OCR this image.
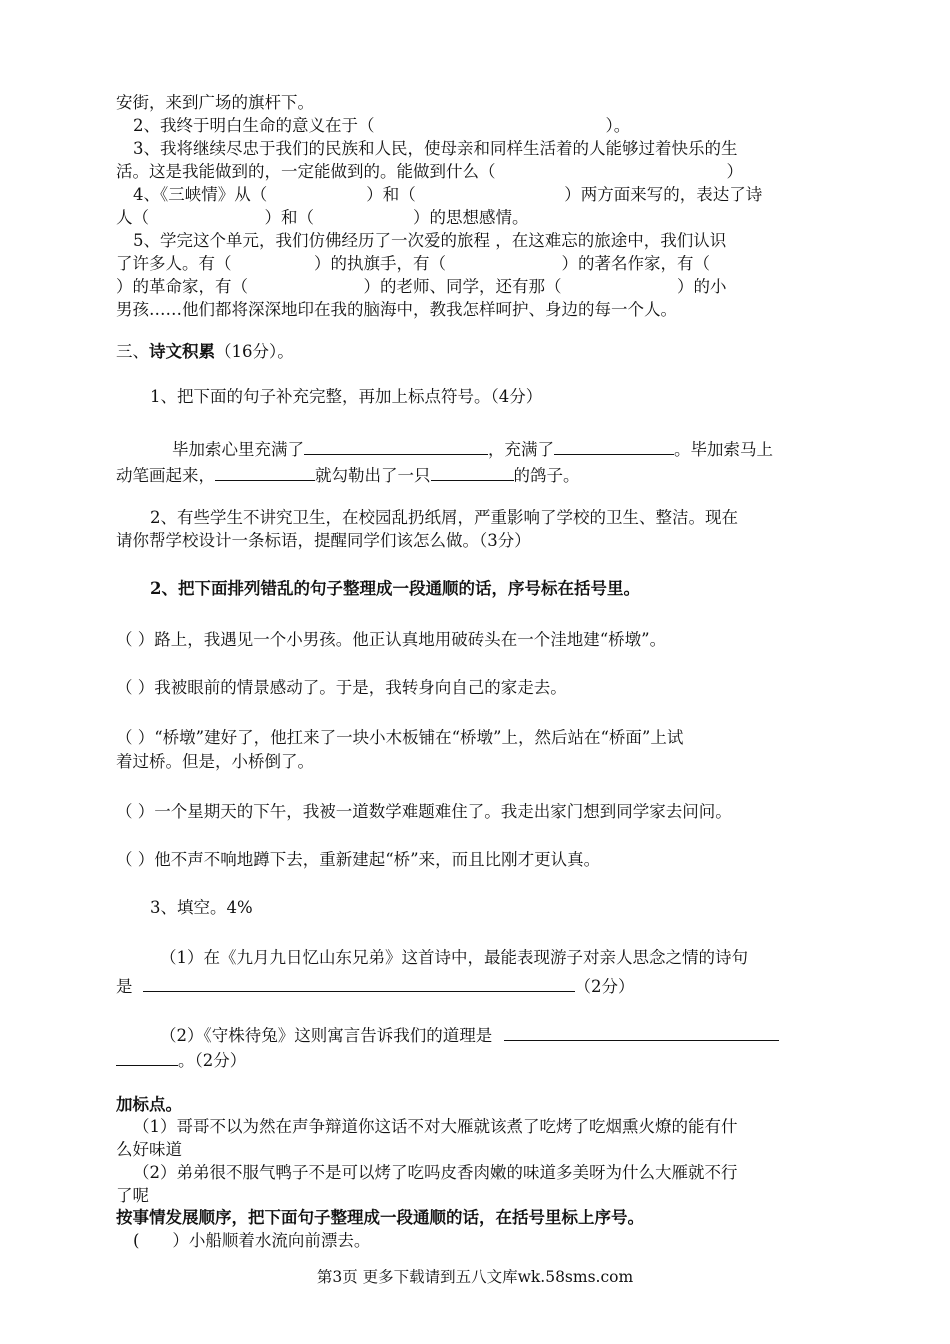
安街，来到广场的旗杆下。
2、我终于明白生命的意义在于（　　　　　　　　　　　　　　）。
3、我将继续尽忠于我们的民族和人民，使母亲和同样生活着的人能够过着快乐的生
活。这是我能做到的，一定能做到的。能做到什么（　　　　　　　　　　　　　　）
4、《三峡情》从（　　　　　　）和（　　　　　　　　　）两方面来写的，表达了诗
人（　　　　　　　）和（　　　　　　）的思想感情。
5、学完这个单元，我们仿佛经历了一次爱的旅程 ，在这难忘的旅途中，我们认识
了许多人。有（　　　　　）的执旗手，有（　　　　　　　）的著名作家，有（
）的革命家，有（　　　　　　　）的老师、同学，还有那（　　　　　　　）的小
男孩……他们都将深深地印在我的脑海中，教我怎样呵护、身边的每一个人。
三、诗文积累（16分）。
1、把下面的句子补充完整，再加上标点符号。（4分）
毕加索心里充满了	，充满了	。毕加索马上
动笔画起来，	就勾勒出了一只	的鸽子。
2、有些学生不讲究卫生，在校园乱扔纸屑，严重影响了学校的卫生、整洁。现在
请你帮学校设计一条标语，提醒同学们该怎么做。（3分）
2、把下面排列错乱的句子整理成一段通顺的话，序号标在括号里。
（ ）路上，我遇见一个小男孩。他正认真地用破砖头在一个洼地建“桥墩”。
（ ）我被眼前的情景感动了。于是，我转身向自己的家走去。
（ ）“桥墩”建好了，他扛来了一块小木板铺在“桥墩”上，然后站在“桥面”上试
着过桥。但是，小桥倒了。
（ ）一个星期天的下午，我被一道数学难题难住了。我走出家门想到同学家去问问。
（ ）他不声不响地蹲下去，重新建起“桥”来，而且比刚才更认真。
3、填空。4%
（1）在《九月九日忆山东兄弟》这首诗中，最能表现游子对亲人思念之情的诗句
是	（2分）
（2）《守株待兔》这则寓言告诉我们的道理是
。（2分）
加标点。
（1）哥哥不以为然在声争辩道你这话不对大雁就该煮了吃烤了吃烟熏火燎的能有什
么好味道
（2）弟弟很不服气鸭子不是可以烤了吃吗皮香肉嫩的味道多美呀为什么大雁就不行
了呢
按事情发展顺序，把下面句子整理成一段通顺的话，在括号里标上序号。
(　　）小船顺着水流向前漂去。
第3页 更多下载请到五八文库wk.58sms.com
